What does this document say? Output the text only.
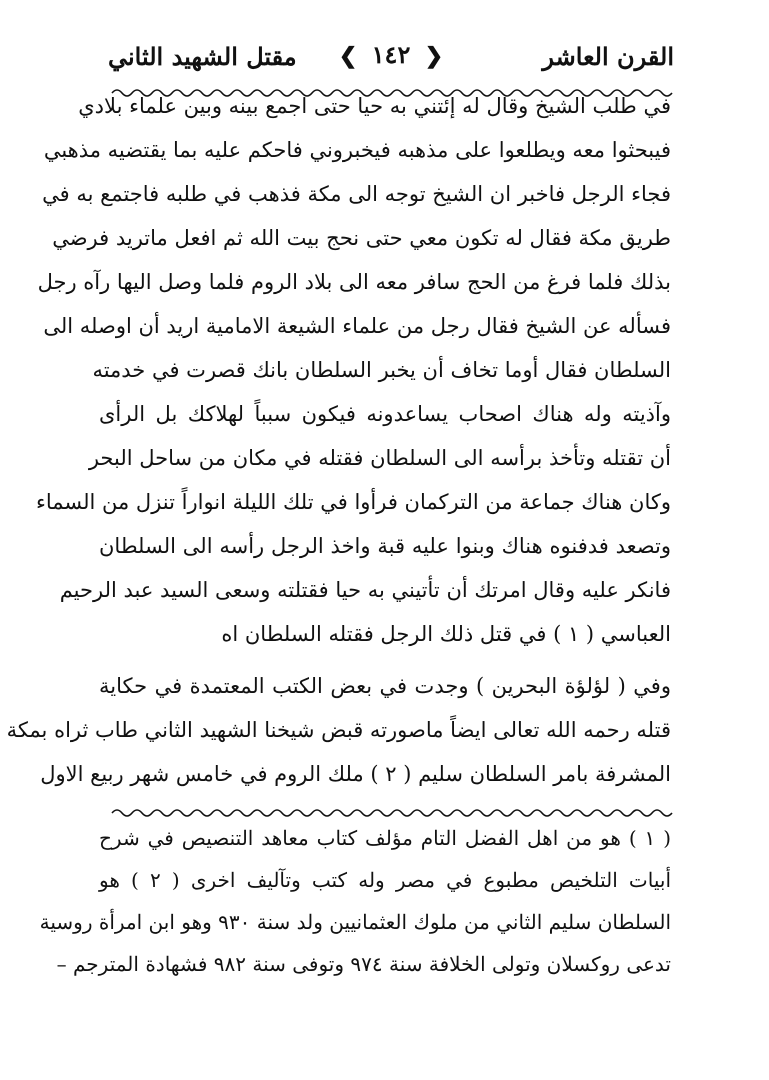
القرن العاشر
❮ ١٤٢ ❯
مقتل الشهيد الثاني
في طلب الشيخ وقال له إئتني به حيا حتى اجمع بينه وبين علماء بلادي
فيبحثوا معه ويطلعوا على مذهبه فيخبروني فاحكم عليه بما يقتضيه مذهبي
فجاء الرجل فاخبر ان الشيخ توجه الى مكة فذهب في طلبه فاجتمع به في
طريق مكة فقال له تكون معي حتى نحج بيت الله ثم افعل ماتريد فرضي
بذلك فلما فرغ من الحج سافر معه الى بلاد الروم فلما وصل اليها رآه رجل
فسأله عن الشيخ فقال رجل من علماء الشيعة الامامية اريد أن اوصله الى
السلطان فقال أوما تخاف أن يخبر السلطان بانك قصرت في خدمته
وآذيته وله هناك اصحاب يساعدونه فيكون سبباً لهلاكك بل الرأى
أن تقتله وتأخذ برأسه الى السلطان فقتله في مكان من ساحل البحر
وكان هناك جماعة من التركمان فرأوا في تلك الليلة انواراً تنزل من السماء
وتصعد فدفنوه هناك وبنوا عليه قبة واخذ الرجل رأسه الى السلطان
فانكر عليه وقال امرتك أن تأتيني به حيا فقتلته وسعى السيد عبد الرحيم
العباسي ( ١ ) في قتل ذلك الرجل فقتله السلطان اه
وفي ( لؤلؤة البحرين ) وجدت في بعض الكتب المعتمدة في حكاية
قتله رحمه الله تعالى ايضاً ماصورته قبض شيخنا الشهيد الثاني طاب ثراه بمكة
المشرفة بامر السلطان سليم ( ٢ ) ملك الروم في خامس شهر ربيع الاول
( ١ ) هو من اهل الفضل التام مؤلف كتاب معاهد التنصيص في شرح
أبيات التلخيص مطبوع في مصر وله كتب وتآليف اخرى ( ٢ ) هو
السلطان سليم الثاني من ملوك العثمانيين ولد سنة ٩٣٠ وهو ابن امرأة روسية
تدعى روكسلان وتولى الخلافة سنة ٩٧٤ وتوفى سنة ٩٨٢ فشهادة المترجم –
